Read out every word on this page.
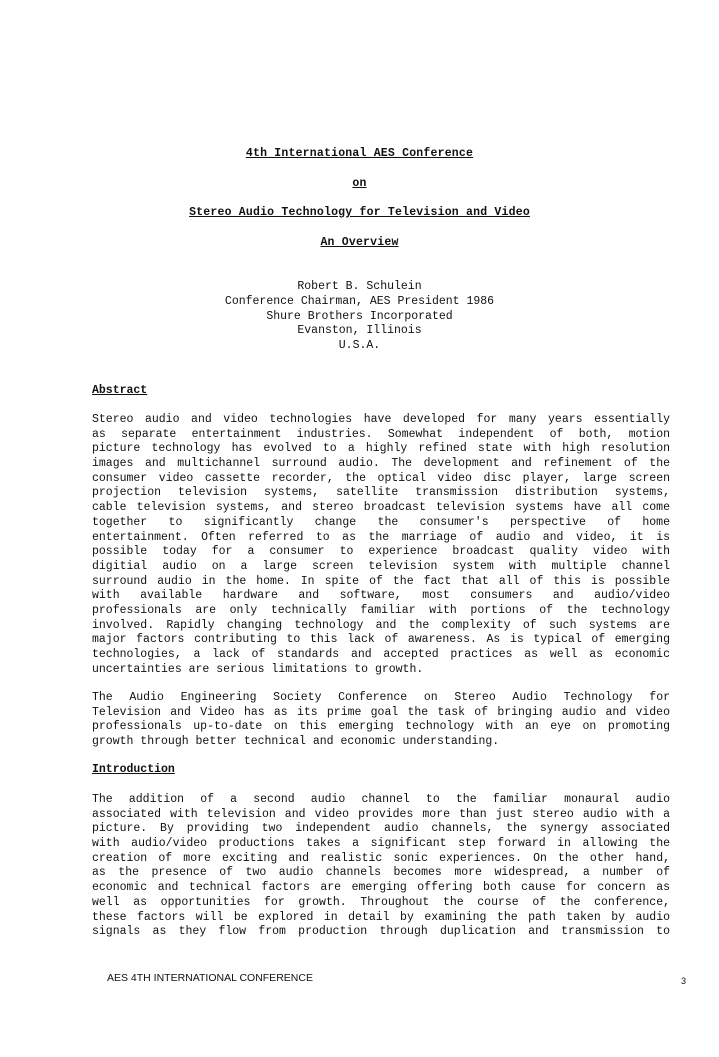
4th International AES Conference
on
Stereo Audio Technology for Television and Video
An Overview
Robert B. Schulein
Conference Chairman, AES President 1986
Shure Brothers Incorporated
Evanston, Illinois
U.S.A.
Abstract
Stereo audio and video technologies have developed for many years essentially
as separate entertainment industries. Somewhat independent of both, motion
picture technology has evolved to a highly refined state with high resolution
images and multichannel surround audio. The development and refinement of the
consumer video cassette recorder, the optical video disc player, large screen
projection television systems, satellite transmission distribution systems,
cable television systems, and stereo broadcast television systems have all come
together to significantly change the consumer's perspective of home
entertainment. Often referred to as the marriage of audio and video, it is
possible today for a consumer to experience broadcast quality video with
digitial audio on a large screen television system with multiple channel
surround audio in the home. In spite of the fact that all of this is possible
with available hardware and software, most consumers and audio/video
professionals are only technically familiar with portions of the technology
involved. Rapidly changing technology and the complexity of such systems are
major factors contributing to this lack of awareness. As is typical of emerging
technologies, a lack of standards and accepted practices as well as economic
uncertainties are serious limitations to growth.
The Audio Engineering Society Conference on Stereo Audio Technology for
Television and Video has as its prime goal the task of bringing audio and video
professionals up-to-date on this emerging technology with an eye on promoting
growth through better technical and economic understanding.
Introduction
The addition of a second audio channel to the familiar monaural audio
associated with television and video provides more than just stereo audio with a
picture. By providing two independent audio channels, the synergy associated
with audio/video productions takes a significant step forward in allowing the
creation of more exciting and realistic sonic experiences. On the other hand,
as the presence of two audio channels becomes more widespread, a number of
economic and technical factors are emerging offering both cause for concern as
well as opportunities for growth. Throughout the course of the conference,
these factors will be explored in detail by examining the path taken by audio
signals as they flow from production through duplication and transmission to
AES 4TH INTERNATIONAL CONFERENCE	3
